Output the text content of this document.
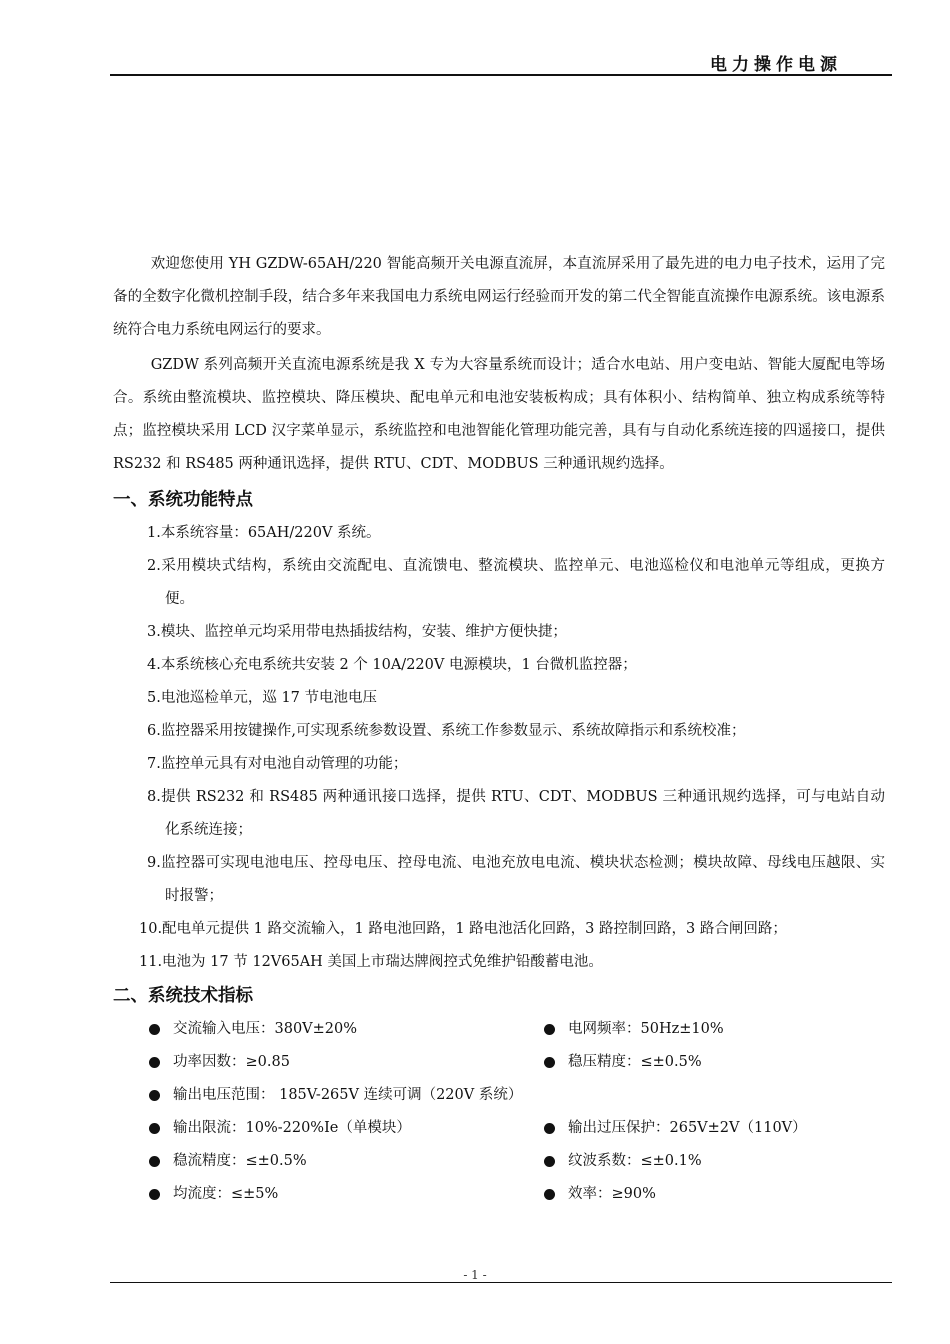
电力操作电源

欢迎您使用 YH GZDW-65AH/220 智能高频开关电源直流屏，本直流屏采用了最先进的电力电子技术，运用了完备的全数字化微机控制手段，结合多年来我国电力系统电网运行经验而开发的第二代全智能直流操作电源系统。该电源系统符合电力系统电网运行的要求。

GZDW 系列高频开关直流电源系统是我 X 专为大容量系统而设计；适合水电站、用户变电站、智能大厦配电等场合。系统由整流模块、监控模块、降压模块、配电单元和电池安装板构成；具有体积小、结构简单、独立构成系统等特点；监控模块采用 LCD 汉字菜单显示，系统监控和电池智能化管理功能完善，具有与自动化系统连接的四遥接口，提供 RS232 和 RS485 两种通讯选择，提供 RTU、CDT、MODBUS 三种通讯规约选择。

一、系统功能特点
1.本系统容量：65AH/220V 系统。
2.采用模块式结构，系统由交流配电、直流馈电、整流模块、监控单元、电池巡检仪和电池单元等组成，更换方便。
3.模块、监控单元均采用带电热插拔结构，安装、维护方便快捷；
4.本系统核心充电系统共安装 2 个 10A/220V 电源模块，1 台微机监控器；
5.电池巡检单元，巡 17 节电池电压
6.监控器采用按键操作,可实现系统参数设置、系统工作参数显示、系统故障指示和系统校准；
7.监控单元具有对电池自动管理的功能；
8.提供 RS232 和 RS485 两种通讯接口选择，提供 RTU、CDT、MODBUS 三种通讯规约选择，可与电站自动化系统连接；
9.监控器可实现电池电压、控母电压、控母电流、电池充放电电流、模块状态检测；模块故障、母线电压越限、实时报警；
10.配电单元提供 1 路交流输入，1 路电池回路，1 路电池活化回路，3 路控制回路，3 路合闸回路；
11.电池为 17 节 12V65AH 美国上市瑞达牌阀控式免维护铅酸蓄电池。
二、系统技术指标
交流输入电压：380V±20%	电网频率：50Hz±10%
功率因数：≥0.85	稳压精度：≤±0.5%
输出电压范围： 185V-265V 连续可调（220V 系统）
输出限流：10%-220%Ie（单模块）	输出过压保护：265V±2V（110V）
稳流精度：≤±0.5%	纹波系数：≤±0.1%
均流度：≤±5%	效率：≥90%
- 1 -
